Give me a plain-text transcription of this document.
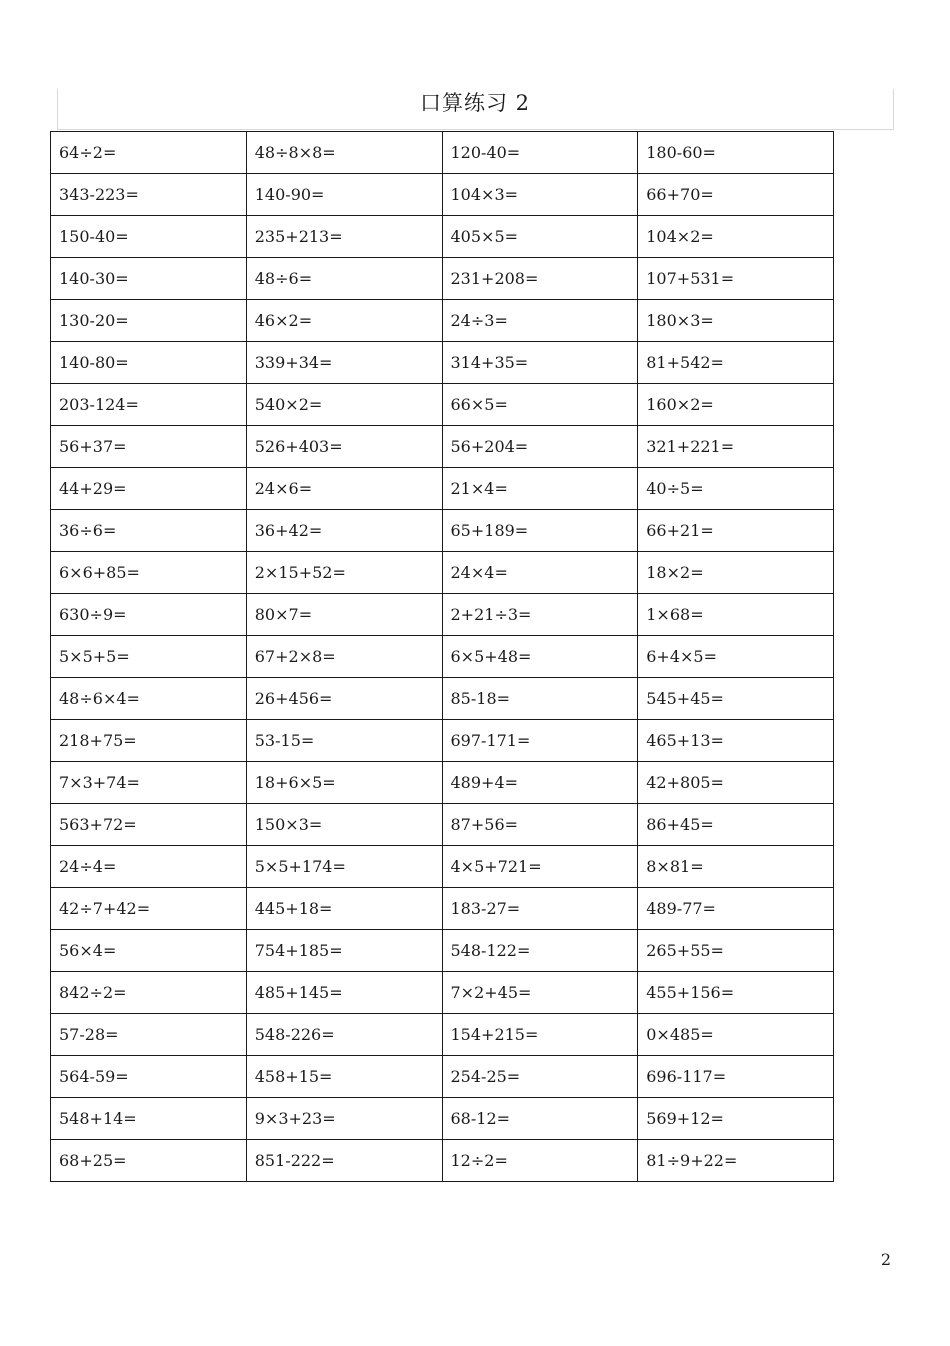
口算练习 2
64÷2=	48÷8×8=	120-40=	180-60=
343-223=	140-90=	104×3=	66+70=
150-40=	235+213=	405×5=	104×2=
140-30=	48÷6=	231+208=	107+531=
130-20=	46×2=	24÷3=	180×3=
140-80=	339+34=	314+35=	81+542=
203-124=	540×2=	66×5=	160×2=
56+37=	526+403=	56+204=	321+221=
44+29=	24×6=	21×4=	40÷5=
36÷6=	36+42=	65+189=	66+21=
6×6+85=	2×15+52=	24×4=	18×2=
630÷9=	80×7=	2+21÷3=	1×68=
5×5+5=	67+2×8=	6×5+48=	6+4×5=
48÷6×4=	26+456=	85-18=	545+45=
218+75=	53-15=	697-171=	465+13=
7×3+74=	18+6×5=	489+4=	42+805=
563+72=	150×3=	87+56=	86+45=
24÷4=	5×5+174=	4×5+721=	8×81=
42÷7+42=	445+18=	183-27=	489-77=
56×4=	754+185=	548-122=	265+55=
842÷2=	485+145=	7×2+45=	455+156=
57-28=	548-226=	154+215=	0×485=
564-59=	458+15=	254-25=	696-117=
548+14=	9×3+23=	68-12=	569+12=
68+25=	851-222=	12÷2=	81÷9+22=
2
